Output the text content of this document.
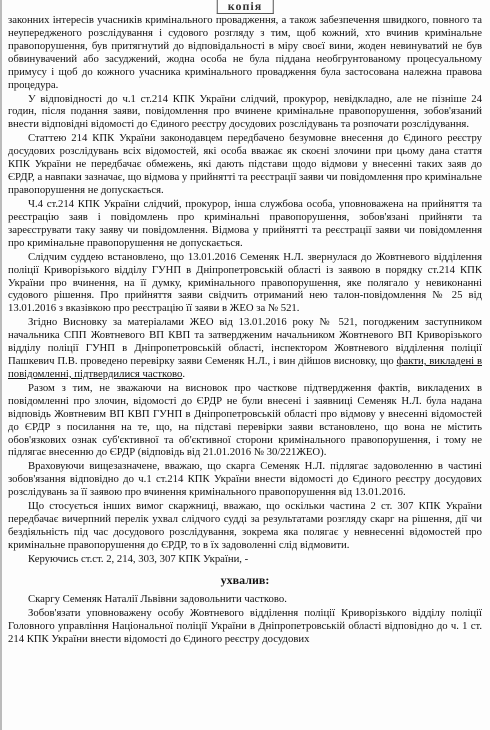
копія

законних інтересів учасників кримінального провадження, а також забезпечення швидкого, повного та неупередженого розслідування і судового розгляду з тим, щоб кожний, хто вчинив кримінальне правопорушення, був притягнутий до відповідальності в міру своєї вини, жоден невинуватий не був обвинувачений або засуджений, жодна особа не була піддана необгрунтованому процесуальному примусу і щоб до кожного учасника кримінального провадження була застосована належна правова процедура.

У відповідності до ч.1 ст.214 КПК України слідчий, прокурор, невідкладно, але не пізніше 24 годин, після подання заяви, повідомлення про вчинене кримінальне правопорушення, зобов'язаний внести відповідні відомості до Єдиного реєстру досудових розслідувань та розпочати розслідування.

Статтею 214 КПК України законодавцем передбачено безумовне внесення до Єдиного реєстру досудових розслідувань всіх відомостей, які особа вважає як скоєні злочини при цьому дана стаття КПК України не передбачає обмежень, які дають підстави щодо відмови у внесенні таких заяв до ЄРДР, а навпаки зазначає, що відмова у прийнятті та реєстрації заяви чи повідомлення про кримінальне правопорушення не допускається.

Ч.4 ст.214 КПК України слідчий, прокурор, інша службова особа, уповноважена на прийняття та реєстрацію заяв і повідомлень про кримінальні правопорушення, зобов'язані прийняти та зареєструвати таку заяву чи повідомлення. Відмова у прийнятті та реєстрації заяви чи повідомлення про кримінальне правопорушення не допускається.

Слідчим суддею встановлено, що 13.01.2016 Семеняк Н.Л. звернулася до Жовтневого відділення поліції Криворізького відділу ГУНП в Дніпропетровській області із заявою в порядку ст.214 КПК України про вчинення, на її думку, кримінального правопорушення, яке полягало у невиконанні судового рішення. Про прийняття заяви свідчить отриманий нею талон-повідомлення № 25 від 13.01.2016 з вказівкою про реєстрацію її заяви в ЖЕО за № 521.

Згідно Висновку за матеріалами ЖЕО від 13.01.2016 року № 521, погодженим заступником начальника СПП Жовтневого ВП КВП та затвердженим начальником Жовтневого ВП Криворізького відділу поліції ГУНП в Дніпропетровській області, інспектором Жовтневого відділення поліції Пашкевич П.В. проведено перевірку заяви Семеняк Н.Л., і вин дійшов висновку, що факти, викладені в повідомленні, підтвердилися частково.

Разом з тим, не зважаючи на висновок про часткове підтвердження фактів, викладених в повідомленні про злочин, відомості до ЄРДР не були внесені і заявниці Семеняк Н.Л. була надана відповідь Жовтневим ВП КВП ГУНП в Дніпропетровській області про відмову у внесенні відомостей до ЄРДР з посилання на те, що, на підставі перевірки заяви встановлено, що вона не містить обов'язкових ознак суб'єктивної та об'єктивної сторони кримінального правопорушення, і тому не підлягає внесенню до ЄРДР (відповідь від 21.01.2016 № 30/221ЖЕО).

Враховуючи вищезазначене, вважаю, що скарга Семеняк Н.Л. підлягає задоволенню в частині зобов'язання відповідно до ч.1 ст.214 КПК України внести відомості до Єдиного реєстру досудових розслідувань за її заявою про вчинення кримінального правопорушення від 13.01.2016.

Що стосується інших вимог скаржниці, вважаю, що оскільки частина 2 ст. 307 КПК України передбачає вичерпний перелік ухвал слідчого судді за результатами розгляду скарг на рішення, дії чи бездіяльність під час досудового розслідування, зокрема яка полягає у невнесенні відомостей про кримінальне правопорушення до ЄРДР, то в їх задоволенні слід відмовити.

Керуючись ст.ст. 2, 214, 303, 307 КПК України, -

ухвалив:

Скаргу Семеняк Наталії Львівни задовольнити частково.

Зобов'язати уповноважену особу Жовтневого відділення поліції Криворізького відділу поліції Головного управління Національної поліції України в Дніпропетровській області відповідно до ч. 1 ст. 214 КПК України внести відомості до Єдиного реєстру досудових
